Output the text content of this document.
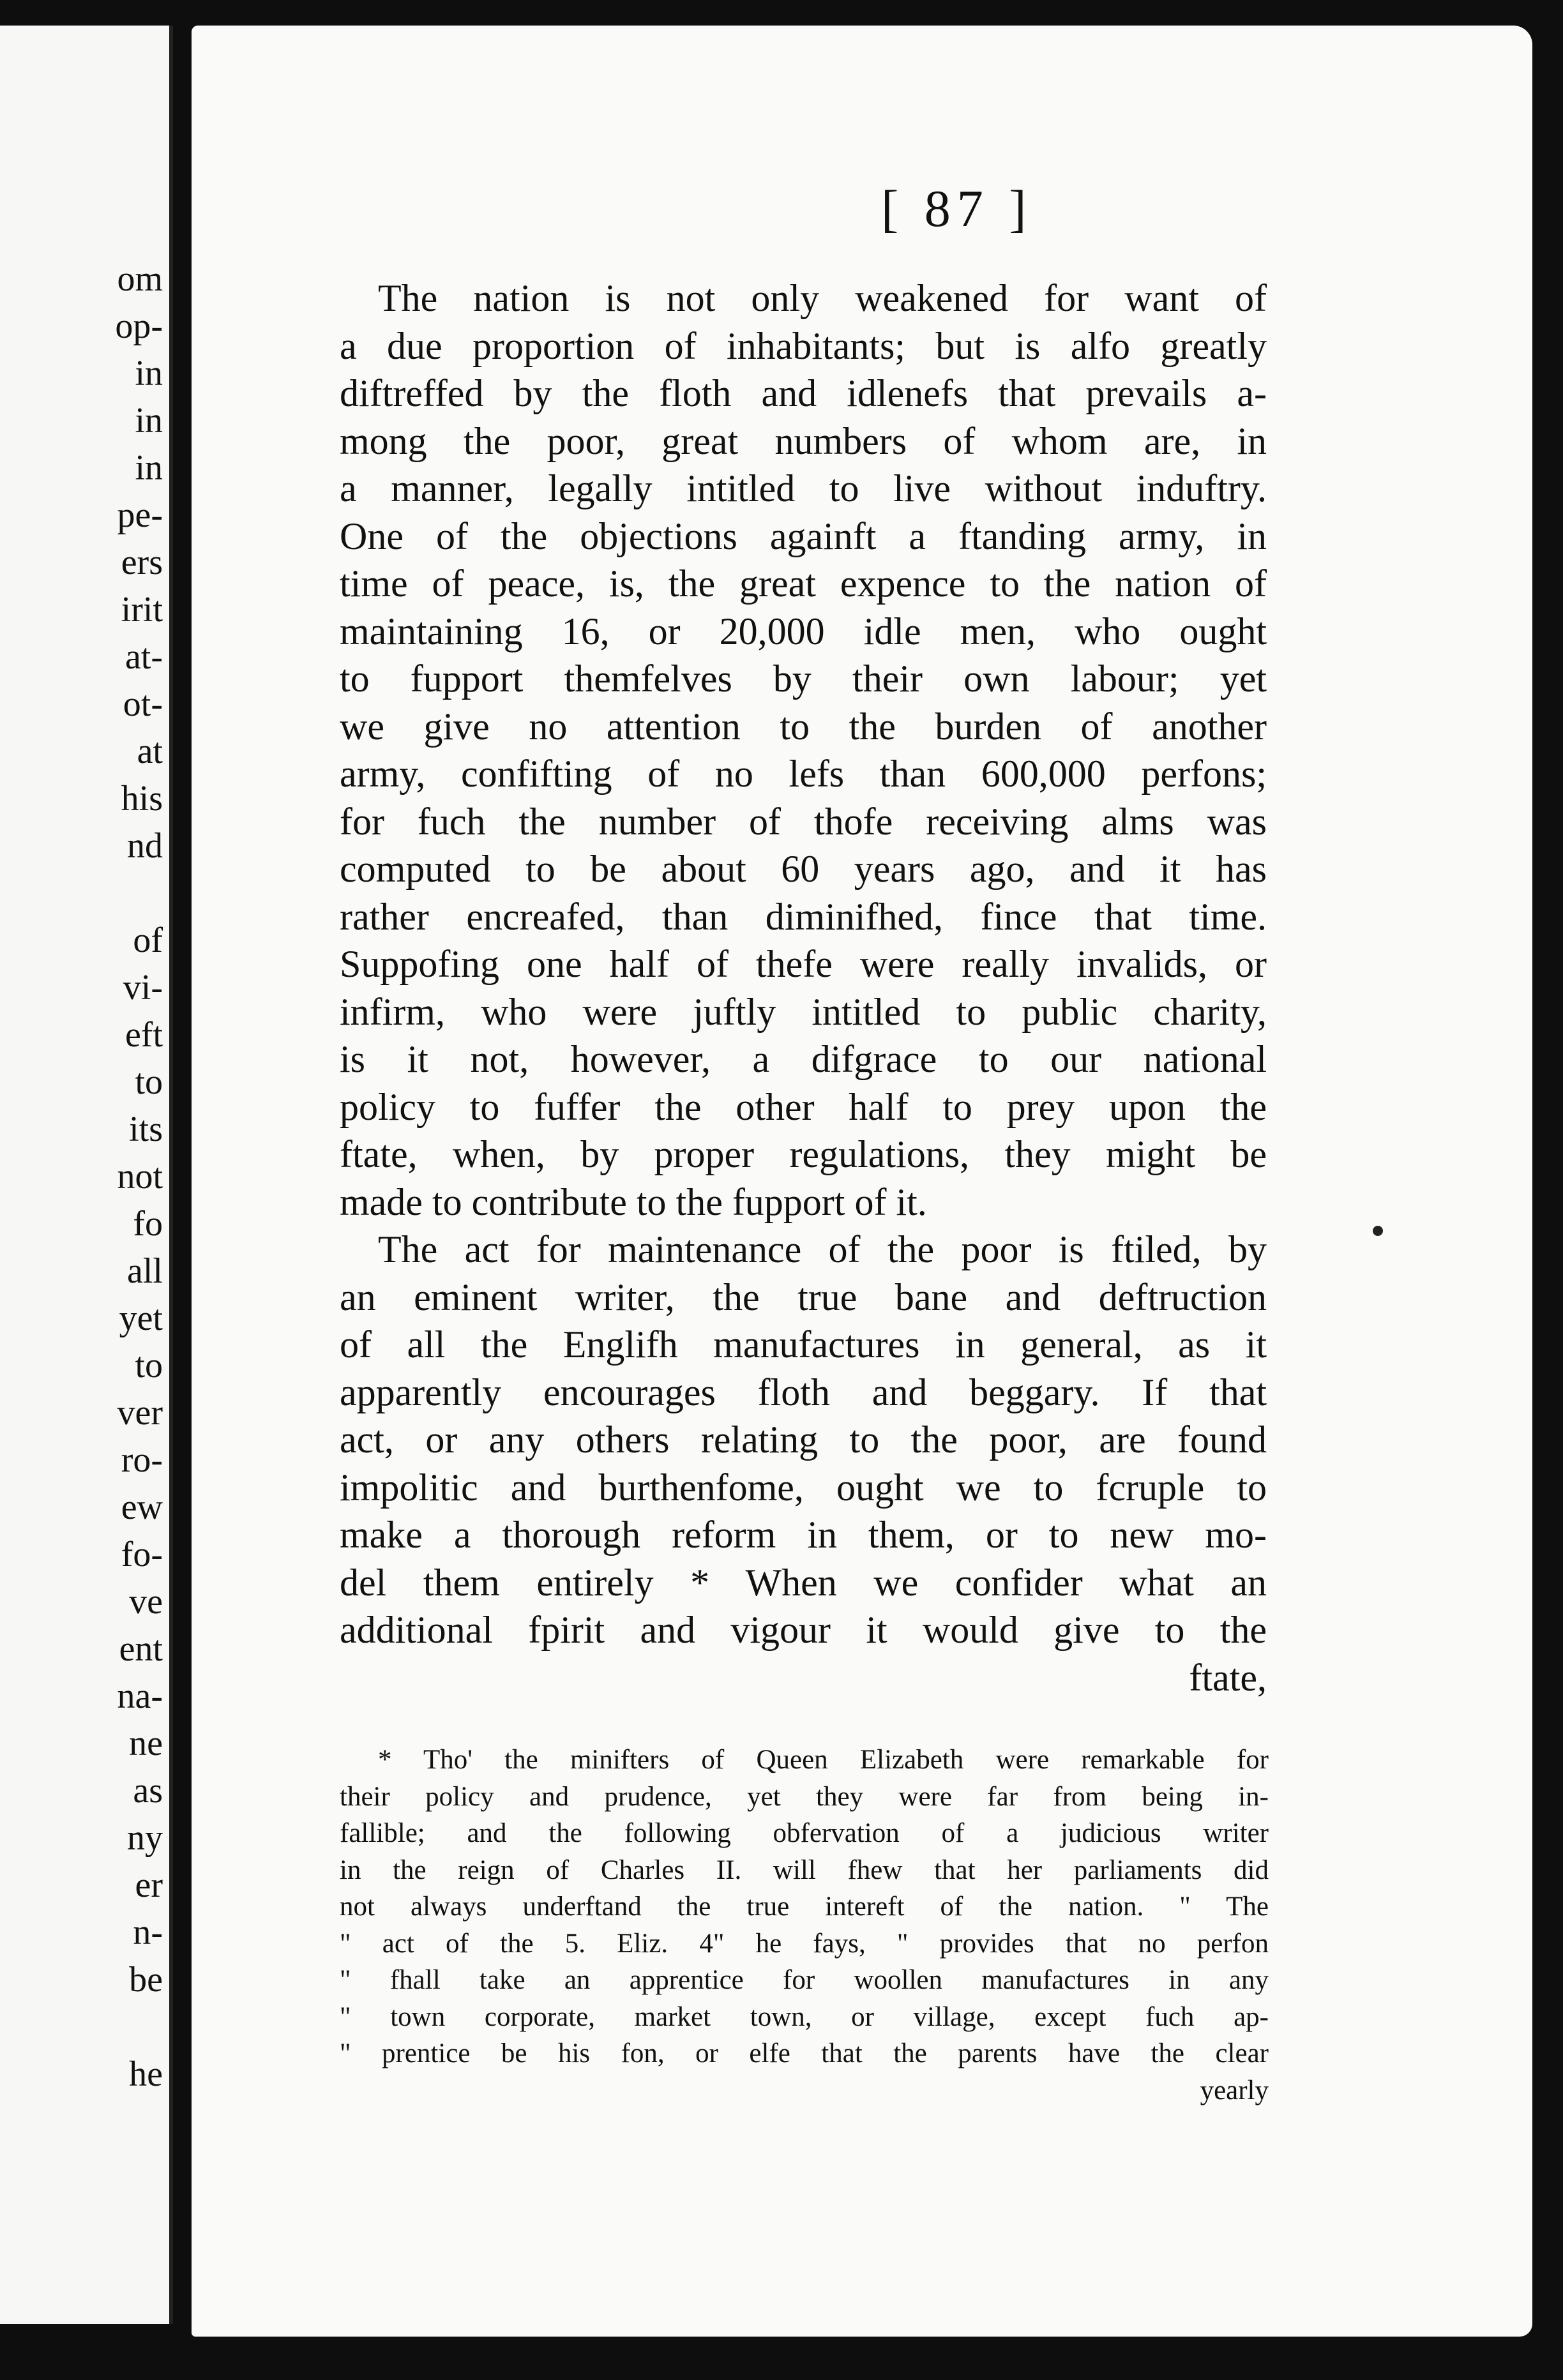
om
op-
in
in
in
pe-
ers
irit
at-
ot-
at
his
nd
of
vi-
eft
to
its
not
fo
all
yet
to
ver
ro-
ew
fo-
ve
ent
na-
ne
as
ny
er
n-
be
he
[ 87 ]
The nation is not only weakened for want of
a due proportion of inhabitants; but is alfo greatly
diftreffed by the floth and idlenefs that prevails a-
mong the poor, great numbers of whom are, in
a manner, legally intitled to live without induftry.
One of the objections againft a ftanding army, in
time of peace, is, the great expence to the nation of
maintaining 16, or 20,000 idle men, who ought
to fupport themfelves by their own labour; yet
we give no attention to the burden of another
army, confifting of no lefs than 600,000 perfons;
for fuch the number of thofe receiving alms was
computed to be about 60 years ago, and it has
rather encreafed, than diminifhed, fince that time.
Suppofing one half of thefe were really invalids, or
infirm, who were juftly intitled to public charity,
is it not, however, a difgrace to our national
policy to fuffer the other half to prey upon the
ftate, when, by proper regulations, they might be
made to contribute to the fupport of it.
The act for maintenance of the poor is ftiled, by
an eminent writer, the true bane and deftruction
of all the Englifh manufactures in general, as it
apparently encourages floth and beggary. If that
act, or any others relating to the poor, are found
impolitic and burthenfome, ought we to fcruple to
make a thorough reform in them, or to new mo-
del them entirely * When we confider what an
additional fpirit and vigour it would give to the
ftate,
* Tho' the minifters of Queen Elizabeth were remarkable for
their policy and prudence, yet they were far from being in-
fallible; and the following obfervation of a judicious writer
in the reign of Charles II. will fhew that her parliaments did
not always underftand the true intereft of the nation. " The
" act of the 5. Eliz. 4" he fays, " provides that no perfon
" fhall take an apprentice for woollen manufactures in any
" town corporate, market town, or village, except fuch ap-
" prentice be his fon, or elfe that the parents have the clear
yearly
